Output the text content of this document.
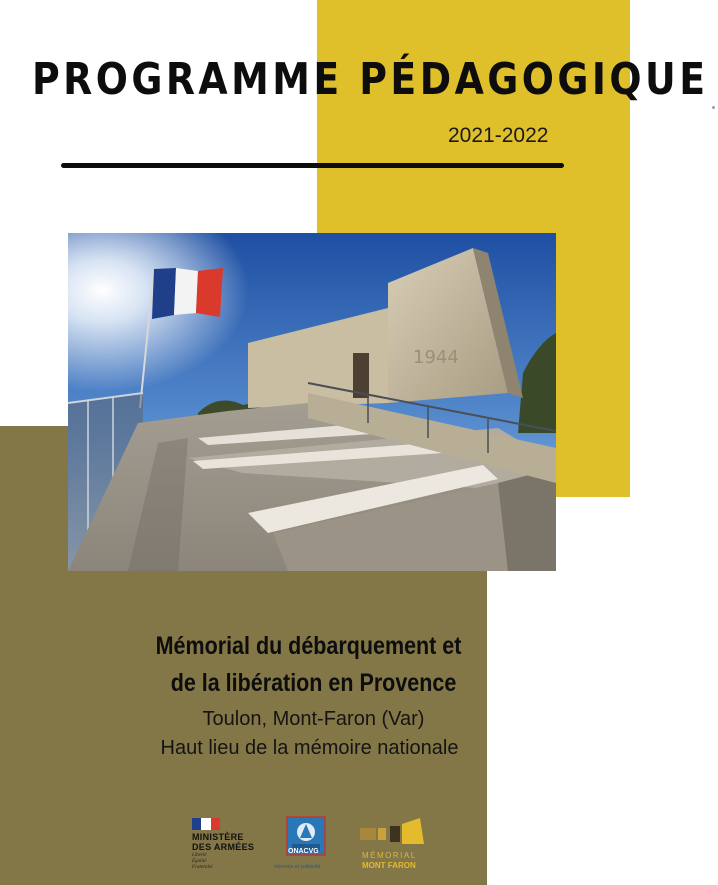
PROGRAMME PÉDAGOGIQUE
2021-2022
1944
Mémorial du débarquement et
de la libération en Provence
Toulon, Mont-Faron (Var)
Haut lieu de la mémoire nationale
MINISTÈRE
DES ARMÉES
Liberté
Égalité
Fraternité
ONACVG
mémoire et solidarité
MÉMORIAL
MONT FARON
